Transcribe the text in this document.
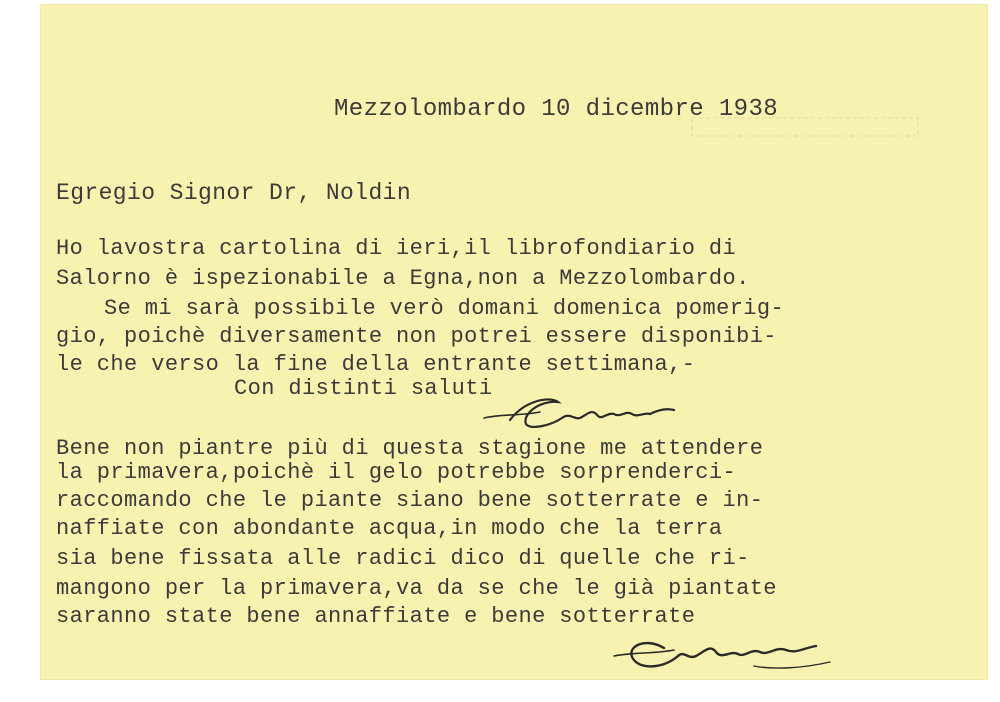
Mezzolombardo 10 dicembre 1938
Egregio Signor Dr, Noldin
Ho lavostra cartolina di ieri,il librofondiario di
Salorno è ispezionabile a Egna,non a Mezzolombardo.
Se mi sarà possibile verò domani domenica pomerig-
gio, poichè diversamente non potrei essere disponibi-
le che verso la fine della entrante settimana,-
Con distinti saluti
Bene non piantre più di questa stagione me attendere
la primavera,poichè il gelo potrebbe sorprenderci-
raccomando che le piante siano bene sotterrate e in-
naffiate con abondante acqua,in modo che la terra
sia bene fissata alle radici dico di quelle che ri-
mangono per la primavera,va da se che le già piantate
saranno state bene annaffiate e bene sotterrate
